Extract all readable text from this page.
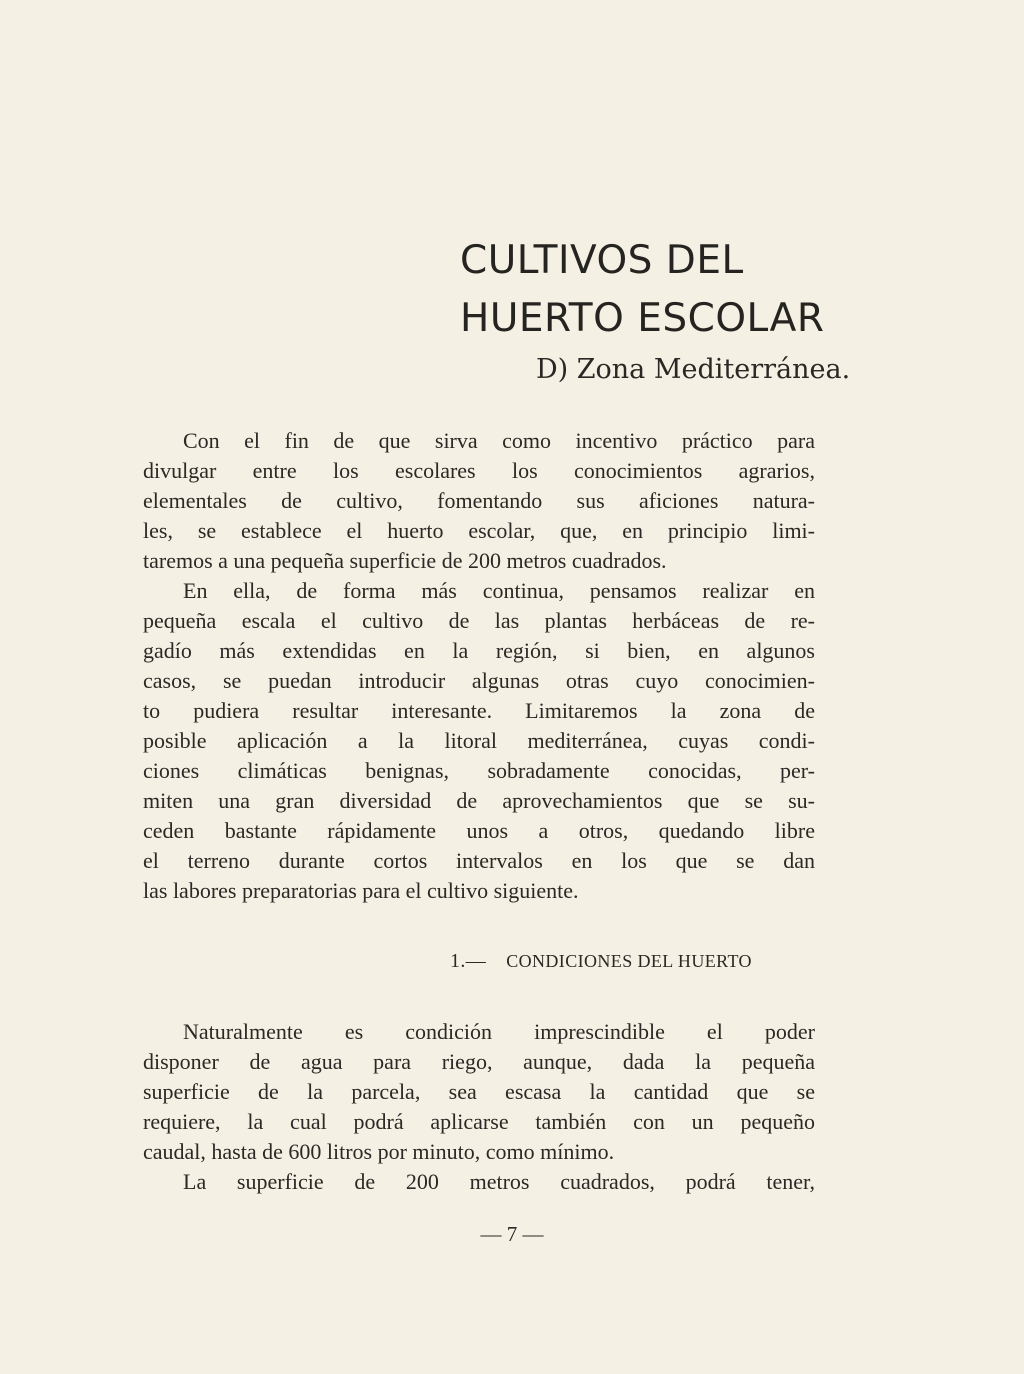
CULTIVOS DEL
HUERTO ESCOLAR
D) Zona Mediterránea.
Con el fin de que sirva como incentivo práctico para
divulgar entre los escolares los conocimientos agrarios,
elementales de cultivo, fomentando sus aficiones natura-
les, se establece el huerto escolar, que, en principio limi-
taremos a una pequeña superficie de 200 metros cuadrados.
En ella, de forma más continua, pensamos realizar en
pequeña escala el cultivo de las plantas herbáceas de re-
gadío más extendidas en la región, si bien, en algunos
casos, se puedan introducir algunas otras cuyo conocimien-
to pudiera resultar interesante. Limitaremos la zona de
posible aplicación a la litoral mediterránea, cuyas condi-
ciones climáticas benignas, sobradamente conocidas, per-
miten una gran diversidad de aprovechamientos que se su-
ceden bastante rápidamente unos a otros, quedando libre
el terreno durante cortos intervalos en los que se dan
las labores preparatorias para el cultivo siguiente.
1.— CONDICIONES DEL HUERTO
Naturalmente es condición imprescindible el poder
disponer de agua para riego, aunque, dada la pequeña
superficie de la parcela, sea escasa la cantidad que se
requiere, la cual podrá aplicarse también con un pequeño
caudal, hasta de 600 litros por minuto, como mínimo.
La superficie de 200 metros cuadrados, podrá tener,
— 7 —
